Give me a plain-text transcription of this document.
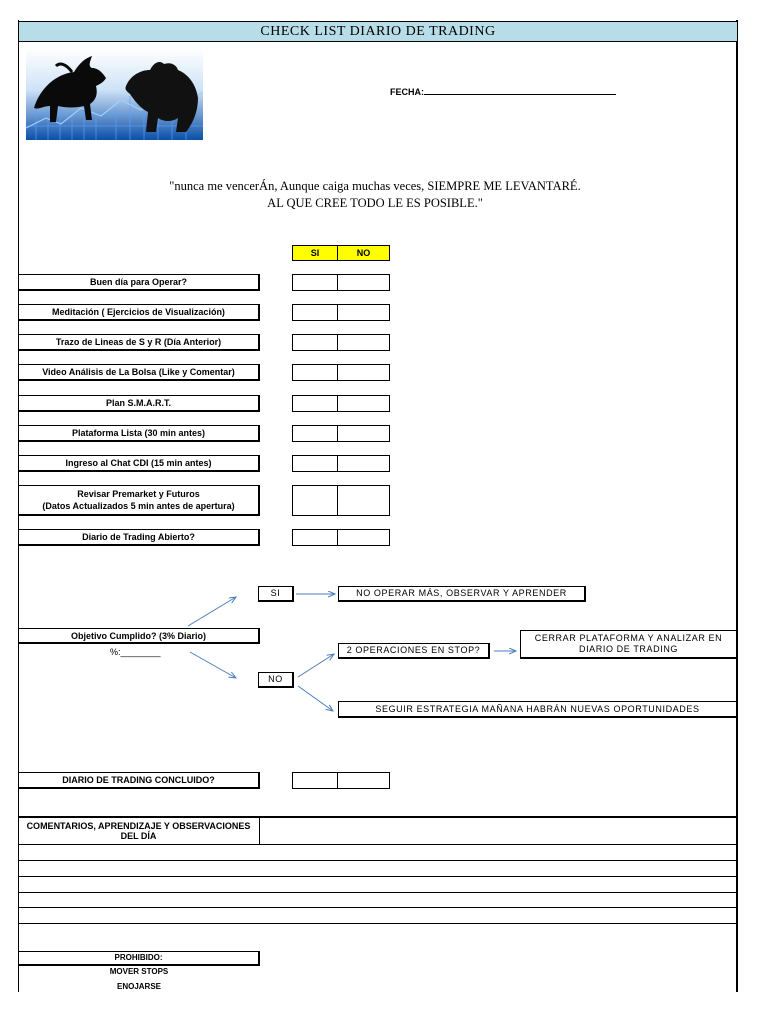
CHECK LIST DIARIO DE TRADING
FECHA:
"nunca me vencerÁn, Aunque caiga muchas veces, SIEMPRE ME LEVANTARÉ.
AL QUE CREE TODO LE ES POSIBLE."
SI	NO
Buen día para Operar?
Meditación ( Ejercicios de Visualización)
Trazo de Lineas de S y R (Día Anterior)
Video Análisis de La Bolsa (Like y Comentar)
Plan S.M.A.R.T.
Plataforma Lista (30 min antes)
Ingreso al Chat CDI (15 min antes)
Revisar Premarket y Futuros
(Datos Actualizados 5 min antes de apertura)
Diario de Trading Abierto?
Objetivo Cumplido? (3% Diario)
%:________
SI
NO
NO OPERAR MÁS, OBSERVAR Y APRENDER
2 OPERACIONES EN STOP?
CERRAR PLATAFORMA Y ANALIZAR EN
DIARIO DE TRADING
SEGUIR ESTRATEGIA MAÑANA HABRÁN NUEVAS OPORTUNIDADES
DIARIO DE TRADING CONCLUIDO?
COMENTARIOS, APRENDIZAJE Y OBSERVACIONES
DEL DÍA
PROHIBIDO:
MOVER STOPS
ENOJARSE
